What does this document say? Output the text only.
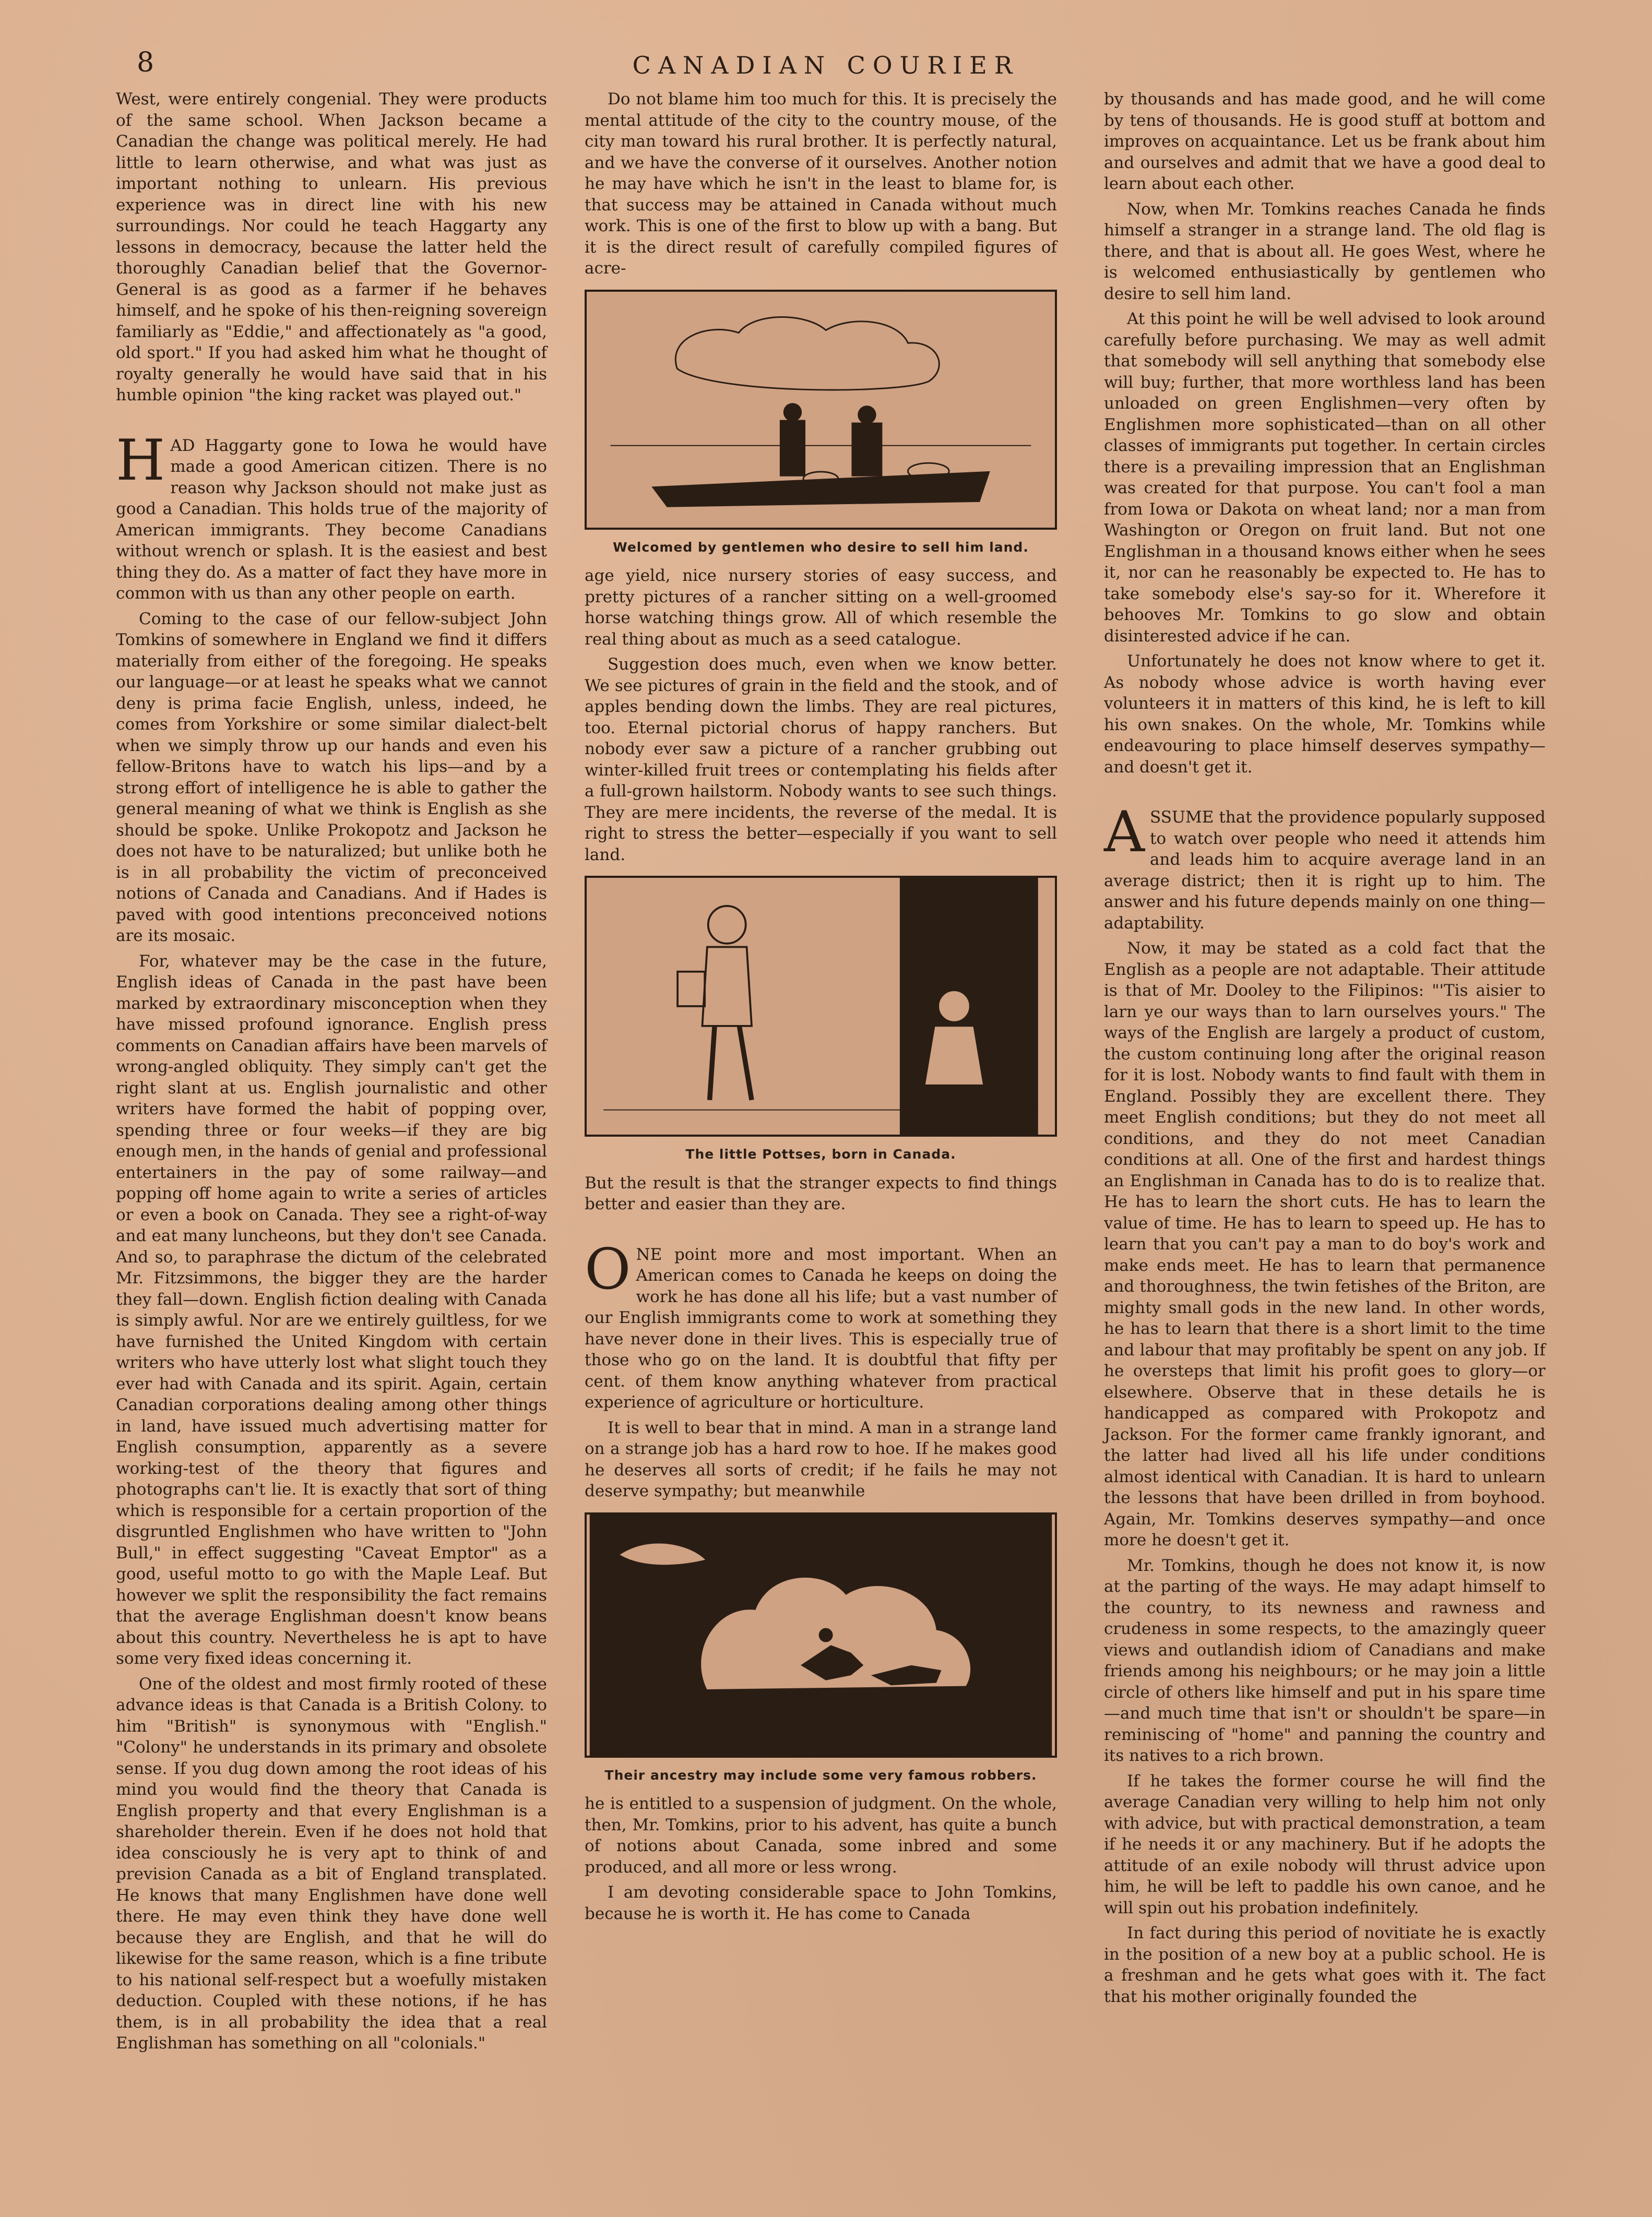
8	CANADIAN COURIER

West, were entirely congenial. They were products of the same school. When Jackson became a Canadian the change was political merely. He had little to learn otherwise, and what was just as important nothing to unlearn. His previous experience was in direct line with his new surroundings. Nor could he teach Haggarty any lessons in democracy, because the latter held the thoroughly Canadian belief that the Governor-General is as good as a farmer if he behaves himself, and he spoke of his then-reigning sovereign familiarly as "Eddie," and affectionately as "a good, old sport." If you had asked him what he thought of royalty generally he would have said that in his humble opinion "the king racket was played out."

HAD Haggarty gone to Iowa he would have made a good American citizen. There is no reason why Jackson should not make just as good a Canadian. This holds true of the majority of American immigrants. They become Canadians without wrench or splash. It is the easiest and best thing they do. As a matter of fact they have more in common with us than any other people on earth.

Coming to the case of our fellow-subject John Tomkins of somewhere in England we find it differs materially from either of the foregoing. He speaks our language—or at least he speaks what we cannot deny is prima facie English, unless, indeed, he comes from Yorkshire or some similar dialect-belt when we simply throw up our hands and even his fellow-Britons have to watch his lips—and by a strong effort of intelligence he is able to gather the general meaning of what we think is English as she should be spoke. Unlike Prokopotz and Jackson he does not have to be naturalized; but unlike both he is in all probability the victim of preconceived notions of Canada and Canadians. And if Hades is paved with good intentions preconceived notions are its mosaic.

For, whatever may be the case in the future, English ideas of Canada in the past have been marked by extraordinary misconception when they have missed profound ignorance. English press comments on Canadian affairs have been marvels of wrong-angled obliquity. They simply can't get the right slant at us. English journalistic and other writers have formed the habit of popping over, spending three or four weeks—if they are big enough men, in the hands of genial and professional entertainers in the pay of some railway—and popping off home again to write a series of articles or even a book on Canada. They see a right-of-way and eat many luncheons, but they don't see Canada. And so, to paraphrase the dictum of the celebrated Mr. Fitzsimmons, the bigger they are the harder they fall—down. English fiction dealing with Canada is simply awful. Nor are we entirely guiltless, for we have furnished the United Kingdom with certain writers who have utterly lost what slight touch they ever had with Canada and its spirit. Again, certain Canadian corporations dealing among other things in land, have issued much advertising matter for English consumption, apparently as a severe working-test of the theory that figures and photographs can't lie. It is exactly that sort of thing which is responsible for a certain proportion of the disgruntled Englishmen who have written to "John Bull," in effect suggesting "Caveat Emptor" as a good, useful motto to go with the Maple Leaf. But however we split the responsibility the fact remains that the average Englishman doesn't know beans about this country. Nevertheless he is apt to have some very fixed ideas concerning it.

One of the oldest and most firmly rooted of these advance ideas is that Canada is a British Colony. to him "British" is synonymous with "English." "Colony" he understands in its primary and obsolete sense. If you dug down among the root ideas of his mind you would find the theory that Canada is English property and that every Englishman is a shareholder therein. Even if he does not hold that idea consciously he is very apt to think of and prevision Canada as a bit of England transplated. He knows that many Englishmen have done well there. He may even think they have done well because they are English, and that he will do likewise for the same reason, which is a fine tribute to his national self-respect but a woefully mistaken deduction. Coupled with these notions, if he has them, is in all probability the idea that a real Englishman has something on all "colonials."

Do not blame him too much for this. It is precisely the mental attitude of the city to the country mouse, of the city man toward his rural brother. It is perfectly natural, and we have the converse of it ourselves. Another notion he may have which he isn't in the least to blame for, is that success may be attained in Canada without much work. This is one of the first to blow up with a bang. But it is the direct result of carefully compiled figures of acre-

Welcomed by gentlemen who desire to sell him land.

age yield, nice nursery stories of easy success, and pretty pictures of a rancher sitting on a well-groomed horse watching things grow. All of which resemble the real thing about as much as a seed catalogue.

Suggestion does much, even when we know better. We see pictures of grain in the field and the stook, and of apples bending down the limbs. They are real pictures, too. Eternal pictorial chorus of happy ranchers. But nobody ever saw a picture of a rancher grubbing out winter-killed fruit trees or contemplating his fields after a full-grown hailstorm. Nobody wants to see such things. They are mere incidents, the reverse of the medal. It is right to stress the better—especially if you want to sell land.

The little Pottses, born in Canada.

But the result is that the stranger expects to find things better and easier than they are.

ONE point more and most important. When an American comes to Canada he keeps on doing the work he has done all his life; but a vast number of our English immigrants come to work at something they have never done in their lives. This is especially true of those who go on the land. It is doubtful that fifty per cent. of them know anything whatever from practical experience of agriculture or horticulture.

It is well to bear that in mind. A man in a strange land on a strange job has a hard row to hoe. If he makes good he deserves all sorts of credit; if he fails he may not deserve sympathy; but meanwhile

Their ancestry may include some very famous robbers.

he is entitled to a suspension of judgment. On the whole, then, Mr. Tomkins, prior to his advent, has quite a bunch of notions about Canada, some inbred and some produced, and all more or less wrong.

I am devoting considerable space to John Tomkins, because he is worth it. He has come to Canada

by thousands and has made good, and he will come by tens of thousands. He is good stuff at bottom and improves on acquaintance. Let us be frank about him and ourselves and admit that we have a good deal to learn about each other.

Now, when Mr. Tomkins reaches Canada he finds himself a stranger in a strange land. The old flag is there, and that is about all. He goes West, where he is welcomed enthusiastically by gentlemen who desire to sell him land.

At this point he will be well advised to look around carefully before purchasing. We may as well admit that somebody will sell anything that somebody else will buy; further, that more worthless land has been unloaded on green Englishmen—very often by Englishmen more sophisticated—than on all other classes of immigrants put together. In certain circles there is a prevailing impression that an Englishman was created for that purpose. You can't fool a man from Iowa or Dakota on wheat land; nor a man from Washington or Oregon on fruit land. But not one Englishman in a thousand knows either when he sees it, nor can he reasonably be expected to. He has to take somebody else's say-so for it. Wherefore it behooves Mr. Tomkins to go slow and obtain disinterested advice if he can.

Unfortunately he does not know where to get it. As nobody whose advice is worth having ever volunteers it in matters of this kind, he is left to kill his own snakes. On the whole, Mr. Tomkins while endeavouring to place himself deserves sympathy—and doesn't get it.

ASSUME that the providence popularly supposed to watch over people who need it attends him and leads him to acquire average land in an average district; then it is right up to him. The answer and his future depends mainly on one thing—adaptability.

Now, it may be stated as a cold fact that the English as a people are not adaptable. Their attitude is that of Mr. Dooley to the Filipinos: "'Tis aisier to larn ye our ways than to larn ourselves yours." The ways of the English are largely a product of custom, the custom continuing long after the original reason for it is lost. Nobody wants to find fault with them in England. Possibly they are excellent there. They meet English conditions; but they do not meet all conditions, and they do not meet Canadian conditions at all. One of the first and hardest things an Englishman in Canada has to do is to realize that. He has to learn the short cuts. He has to learn the value of time. He has to learn to speed up. He has to learn that you can't pay a man to do boy's work and make ends meet. He has to learn that permanence and thoroughness, the twin fetishes of the Briton, are mighty small gods in the new land. In other words, he has to learn that there is a short limit to the time and labour that may profitably be spent on any job. If he oversteps that limit his profit goes to glory—or elsewhere. Observe that in these details he is handicapped as compared with Prokopotz and Jackson. For the former came frankly ignorant, and the latter had lived all his life under conditions almost identical with Canadian. It is hard to unlearn the lessons that have been drilled in from boyhood. Again, Mr. Tomkins deserves sympathy—and once more he doesn't get it.

Mr. Tomkins, though he does not know it, is now at the parting of the ways. He may adapt himself to the country, to its newness and rawness and crudeness in some respects, to the amazingly queer views and outlandish idiom of Canadians and make friends among his neighbours; or he may join a little circle of others like himself and put in his spare time—and much time that isn't or shouldn't be spare—in reminiscing of "home" and panning the country and its natives to a rich brown.

If he takes the former course he will find the average Canadian very willing to help him not only with advice, but with practical demonstration, a team if he needs it or any machinery. But if he adopts the attitude of an exile nobody will thrust advice upon him, he will be left to paddle his own canoe, and he will spin out his probation indefinitely.

In fact during this period of novitiate he is exactly in the position of a new boy at a public school. He is a freshman and he gets what goes with it. The fact that his mother originally founded the
